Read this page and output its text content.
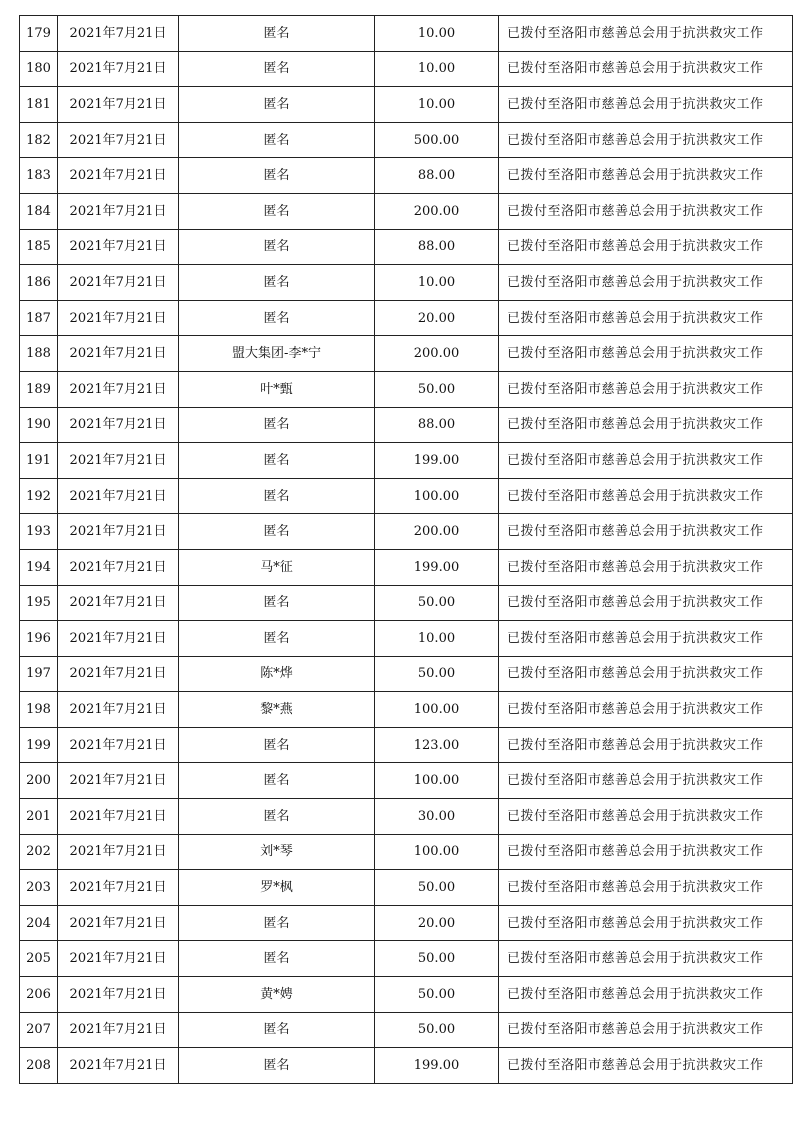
179	2021年7月21日	匿名	10.00	已拨付至洛阳市慈善总会用于抗洪救灾工作
180	2021年7月21日	匿名	10.00	已拨付至洛阳市慈善总会用于抗洪救灾工作
181	2021年7月21日	匿名	10.00	已拨付至洛阳市慈善总会用于抗洪救灾工作
182	2021年7月21日	匿名	500.00	已拨付至洛阳市慈善总会用于抗洪救灾工作
183	2021年7月21日	匿名	88.00	已拨付至洛阳市慈善总会用于抗洪救灾工作
184	2021年7月21日	匿名	200.00	已拨付至洛阳市慈善总会用于抗洪救灾工作
185	2021年7月21日	匿名	88.00	已拨付至洛阳市慈善总会用于抗洪救灾工作
186	2021年7月21日	匿名	10.00	已拨付至洛阳市慈善总会用于抗洪救灾工作
187	2021年7月21日	匿名	20.00	已拨付至洛阳市慈善总会用于抗洪救灾工作
188	2021年7月21日	盟大集团-李*宁	200.00	已拨付至洛阳市慈善总会用于抗洪救灾工作
189	2021年7月21日	叶*甄	50.00	已拨付至洛阳市慈善总会用于抗洪救灾工作
190	2021年7月21日	匿名	88.00	已拨付至洛阳市慈善总会用于抗洪救灾工作
191	2021年7月21日	匿名	199.00	已拨付至洛阳市慈善总会用于抗洪救灾工作
192	2021年7月21日	匿名	100.00	已拨付至洛阳市慈善总会用于抗洪救灾工作
193	2021年7月21日	匿名	200.00	已拨付至洛阳市慈善总会用于抗洪救灾工作
194	2021年7月21日	马*征	199.00	已拨付至洛阳市慈善总会用于抗洪救灾工作
195	2021年7月21日	匿名	50.00	已拨付至洛阳市慈善总会用于抗洪救灾工作
196	2021年7月21日	匿名	10.00	已拨付至洛阳市慈善总会用于抗洪救灾工作
197	2021年7月21日	陈*烨	50.00	已拨付至洛阳市慈善总会用于抗洪救灾工作
198	2021年7月21日	黎*燕	100.00	已拨付至洛阳市慈善总会用于抗洪救灾工作
199	2021年7月21日	匿名	123.00	已拨付至洛阳市慈善总会用于抗洪救灾工作
200	2021年7月21日	匿名	100.00	已拨付至洛阳市慈善总会用于抗洪救灾工作
201	2021年7月21日	匿名	30.00	已拨付至洛阳市慈善总会用于抗洪救灾工作
202	2021年7月21日	刘*琴	100.00	已拨付至洛阳市慈善总会用于抗洪救灾工作
203	2021年7月21日	罗*枫	50.00	已拨付至洛阳市慈善总会用于抗洪救灾工作
204	2021年7月21日	匿名	20.00	已拨付至洛阳市慈善总会用于抗洪救灾工作
205	2021年7月21日	匿名	50.00	已拨付至洛阳市慈善总会用于抗洪救灾工作
206	2021年7月21日	黄*娉	50.00	已拨付至洛阳市慈善总会用于抗洪救灾工作
207	2021年7月21日	匿名	50.00	已拨付至洛阳市慈善总会用于抗洪救灾工作
208	2021年7月21日	匿名	199.00	已拨付至洛阳市慈善总会用于抗洪救灾工作
